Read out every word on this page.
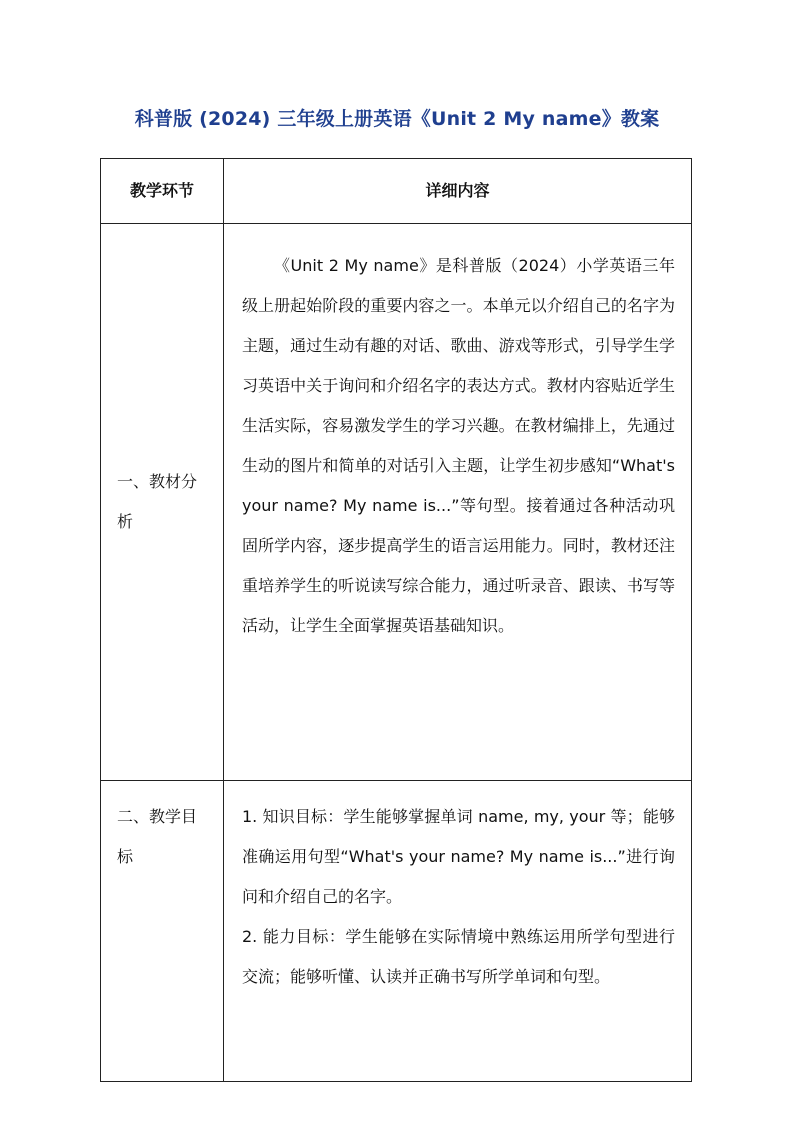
科普版 (2024) 三年级上册英语《Unit 2 My name》教案
教学环节	详细内容
一、教材分析	《Unit 2 My name》是科普版（2024）小学英语三年级上册起始阶段的重要内容之一。本单元以介绍自己的名字为主题，通过生动有趣的对话、歌曲、游戏等形式，引导学生学习英语中关于询问和介绍名字的表达方式。教材内容贴近学生生活实际，容易激发学生的学习兴趣。在教材编排上，先通过生动的图片和简单的对话引入主题，让学生初步感知“What's your name? My name is...”等句型。接着通过各种活动巩固所学内容，逐步提高学生的语言运用能力。同时，教材还注重培养学生的听说读写综合能力，通过听录音、跟读、书写等活动，让学生全面掌握英语基础知识。

二、教学目标	1. 知识目标：学生能够掌握单词 name, my, your 等；能够准确运用句型“What's your name? My name is...”进行询问和介绍自己的名字。

2. 能力目标：学生能够在实际情境中熟练运用所学句型进行交流；能够听懂、认读并正确书写所学单词和句型。
